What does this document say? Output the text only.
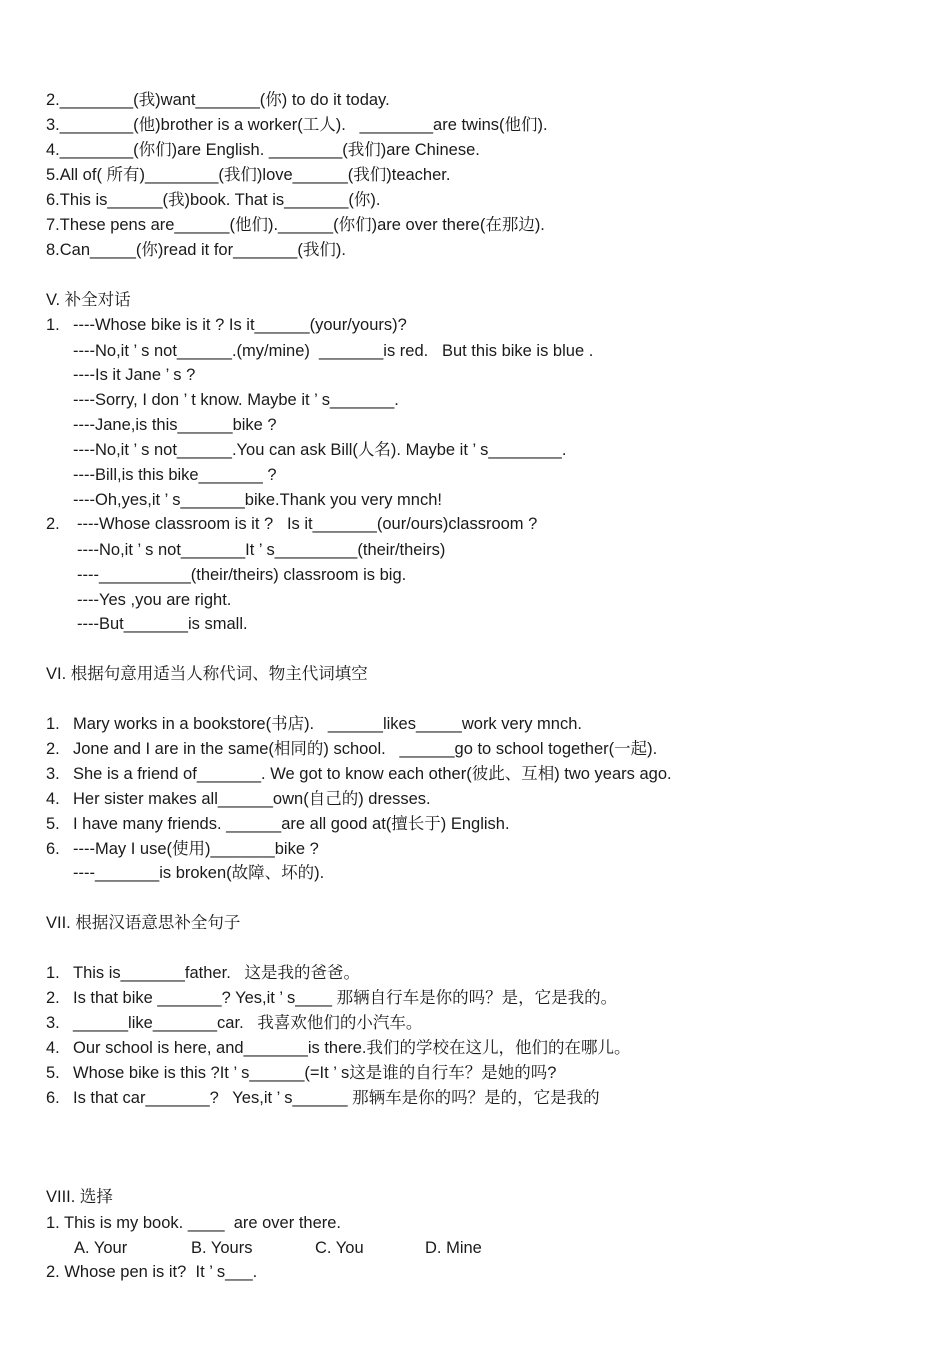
2.________(我)want_______(你) to do it today.
3.________(他)brother is a worker(工人).   ________are twins(他们).
4.________(你们)are English. ________(我们)are Chinese.
5.All of( 所有)________(我们)love______(我们)teacher.
6.This is______(我)book. That is_______(你).
7.These pens are______(他们).______(你们)are over there(在那边).
8.Can_____(你)read it for_______(我们).
V. 补全对话
1. ----Whose bike is it ? Is it______(your/yours)?
----No,it ’ s not______.(my/mine)  _______is red.   But this bike is blue .
----Is it Jane ’ s ?
----Sorry, I don ’ t know. Maybe it ’ s_______.
----Jane,is this______bike ?
----No,it ’ s not______.You can ask Bill(人名). Maybe it ’ s________.
----Bill,is this bike_______ ?
----Oh,yes,it ’ s_______bike.Thank you very mnch!
2. ----Whose classroom is it ?   Is it_______(our/ours)classroom ?
----No,it ’ s not_______It ’ s_________(their/theirs)
----__________(their/theirs) classroom is big.
----Yes ,you are right.
----But_______is small.
VI. 根据句意用适当人称代词、物主代词填空
1. Mary works in a bookstore(书店).   ______likes_____work very mnch.
2. Jone and I are in the same(相同的) school.   ______go to school together(一起).
3. She is a friend of_______. We got to know each other(彼此、互相) two years ago.
4. Her sister makes all______own(自己的) dresses.
5. I have many friends. ______are all good at(擅长于) English.
6. ----May I use(使用)_______bike ?
----_______is broken(故障、坏的).
VII. 根据汉语意思补全句子
1. This is_______father.   这是我的爸爸。
2. Is that bike _______? Yes,it ’ s____ 那辆自行车是你的吗？是，它是我的。
3. ______like_______car.   我喜欢他们的小汽车。
4. Our school is here, and_______is there.我们的学校在这儿，他们的在哪儿。
5. Whose bike is this ?It ’ s______(=It ’ s这是谁的自行车？是她的吗?
6. Is that car_______?   Yes,it ’ s______ 那辆车是你的吗？是的，它是我的
VIII. 选择
1. This is my book. ____  are over there.
A. Your	B. Yours	C. You	D. Mine
2. Whose pen is it?  It ’ s___.
